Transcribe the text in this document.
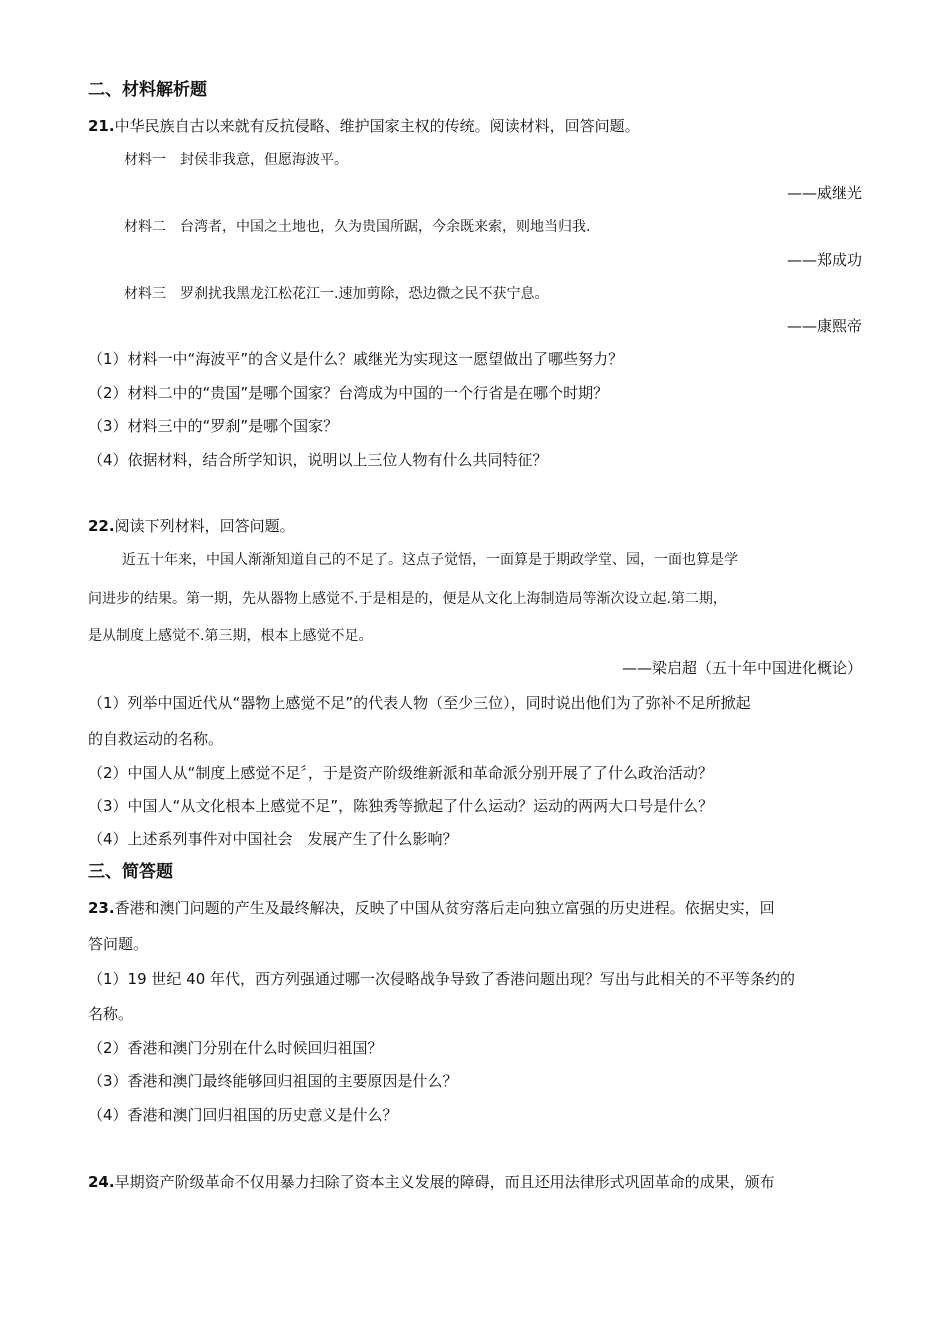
二、材料解析题
21.中华民族自古以来就有反抗侵略、维护国家主权的传统。阅读材料，回答问题。
材料一　封侯非我意，但愿海波平。
——威继光
材料二　台湾者，中国之土地也，久为贵国所踞，今余既来索，则地当归我.
——郑成功
材料三　罗刹扰我黑龙江松花江一.速加剪除，恐边微之民不获宁息。
——康熙帝
（1）材料一中“海波平”的含义是什么？戚继光为实现这一愿望做出了哪些努力？
（2）材料二中的“贵国”是哪个国家？台湾成为中国的一个行省是在哪个时期？
（3）材料三中的“罗刹”是哪个国家？
（4）依据材料，结合所学知识，说明以上三位人物有什么共同特征？
22.阅读下列材料，回答问题。
近五十年来，中国人渐渐知道自己的不足了。这点子觉悟，一面算是于期政学堂、园，一面也算是学
问进步的结果。第一期，先从器物上感觉不.于是相是的，便是从文化上海制造局等渐次设立起.第二期，
是从制度上感觉不.第三期，根本上感觉不足。
——梁启超（五十年中国进化概论）
（1）列举中国近代从“器物上感觉不足”的代表人物（至少三位），同时说出他们为了弥补不足所掀起
的自救运动的名称。
（2）中国人从“制度上感觉不足〞，于是资产阶级维新派和革命派分别开展了了什么政治活动？
（3）中国人“从文化根本上感觉不足”，陈独秀等掀起了什么运动？运动的两两大口号是什么？
（4）上述系列事件对中国社会　发展产生了什么影响？
三、简答题
23.香港和澳门问题的产生及最终解决，反映了中国从贫穷落后走向独立富强的历史进程。依据史实，回
答问题。
（1）19 世纪 40 年代，西方列强通过哪一次侵略战争导致了香港问题出现？写出与此相关的不平等条约的
名称。
（2）香港和澳门分别在什么时候回归祖国？
（3）香港和澳门最终能够回归祖国的主要原因是什么？
（4）香港和澳门回归祖国的历史意义是什么？
24.早期资产阶级革命不仅用暴力扫除了资本主义发展的障碍，而且还用法律形式巩固革命的成果，颁布
